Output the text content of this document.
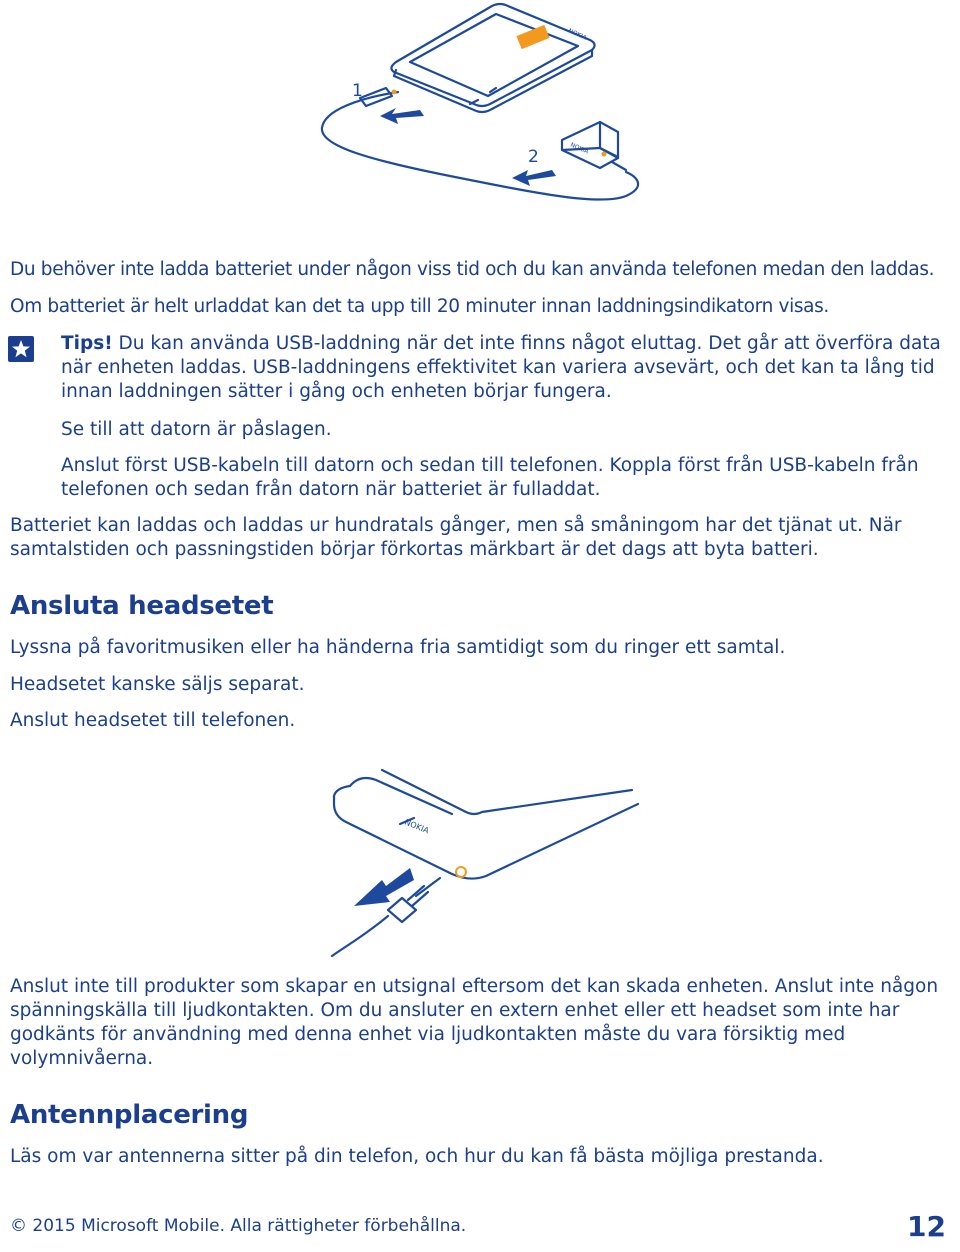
1
2
NOKIA
NOKIA
Du behöver inte ladda batteriet under någon viss tid och du kan använda telefonen medan den laddas.
Om batteriet är helt urladdat kan det ta upp till 20 minuter innan laddningsindikatorn visas.
Tips! Du kan använda USB-laddning när det inte finns något eluttag. Det går att överföra data
när enheten laddas. USB-laddningens effektivitet kan variera avsevärt, och det kan ta lång tid
innan laddningen sätter i gång och enheten börjar fungera.
Se till att datorn är påslagen.
Anslut först USB-kabeln till datorn och sedan till telefonen. Koppla först från USB-kabeln från
telefonen och sedan från datorn när batteriet är fulladdat.
Batteriet kan laddas och laddas ur hundratals gånger, men så småningom har det tjänat ut. När
samtalstiden och passningstiden börjar förkortas märkbart är det dags att byta batteri.
Ansluta headsetet
Lyssna på favoritmusiken eller ha händerna fria samtidigt som du ringer ett samtal.
Headsetet kanske säljs separat.
Anslut headsetet till telefonen.
NOKIA
Anslut inte till produkter som skapar en utsignal eftersom det kan skada enheten. Anslut inte någon
spänningskälla till ljudkontakten. Om du ansluter en extern enhet eller ett headset som inte har
godkänts för användning med denna enhet via ljudkontakten måste du vara försiktig med
volymnivåerna.
Antennplacering
Läs om var antennerna sitter på din telefon, och hur du kan få bästa möjliga prestanda.
© 2015 Microsoft Mobile. Alla rättigheter förbehållna.	12
